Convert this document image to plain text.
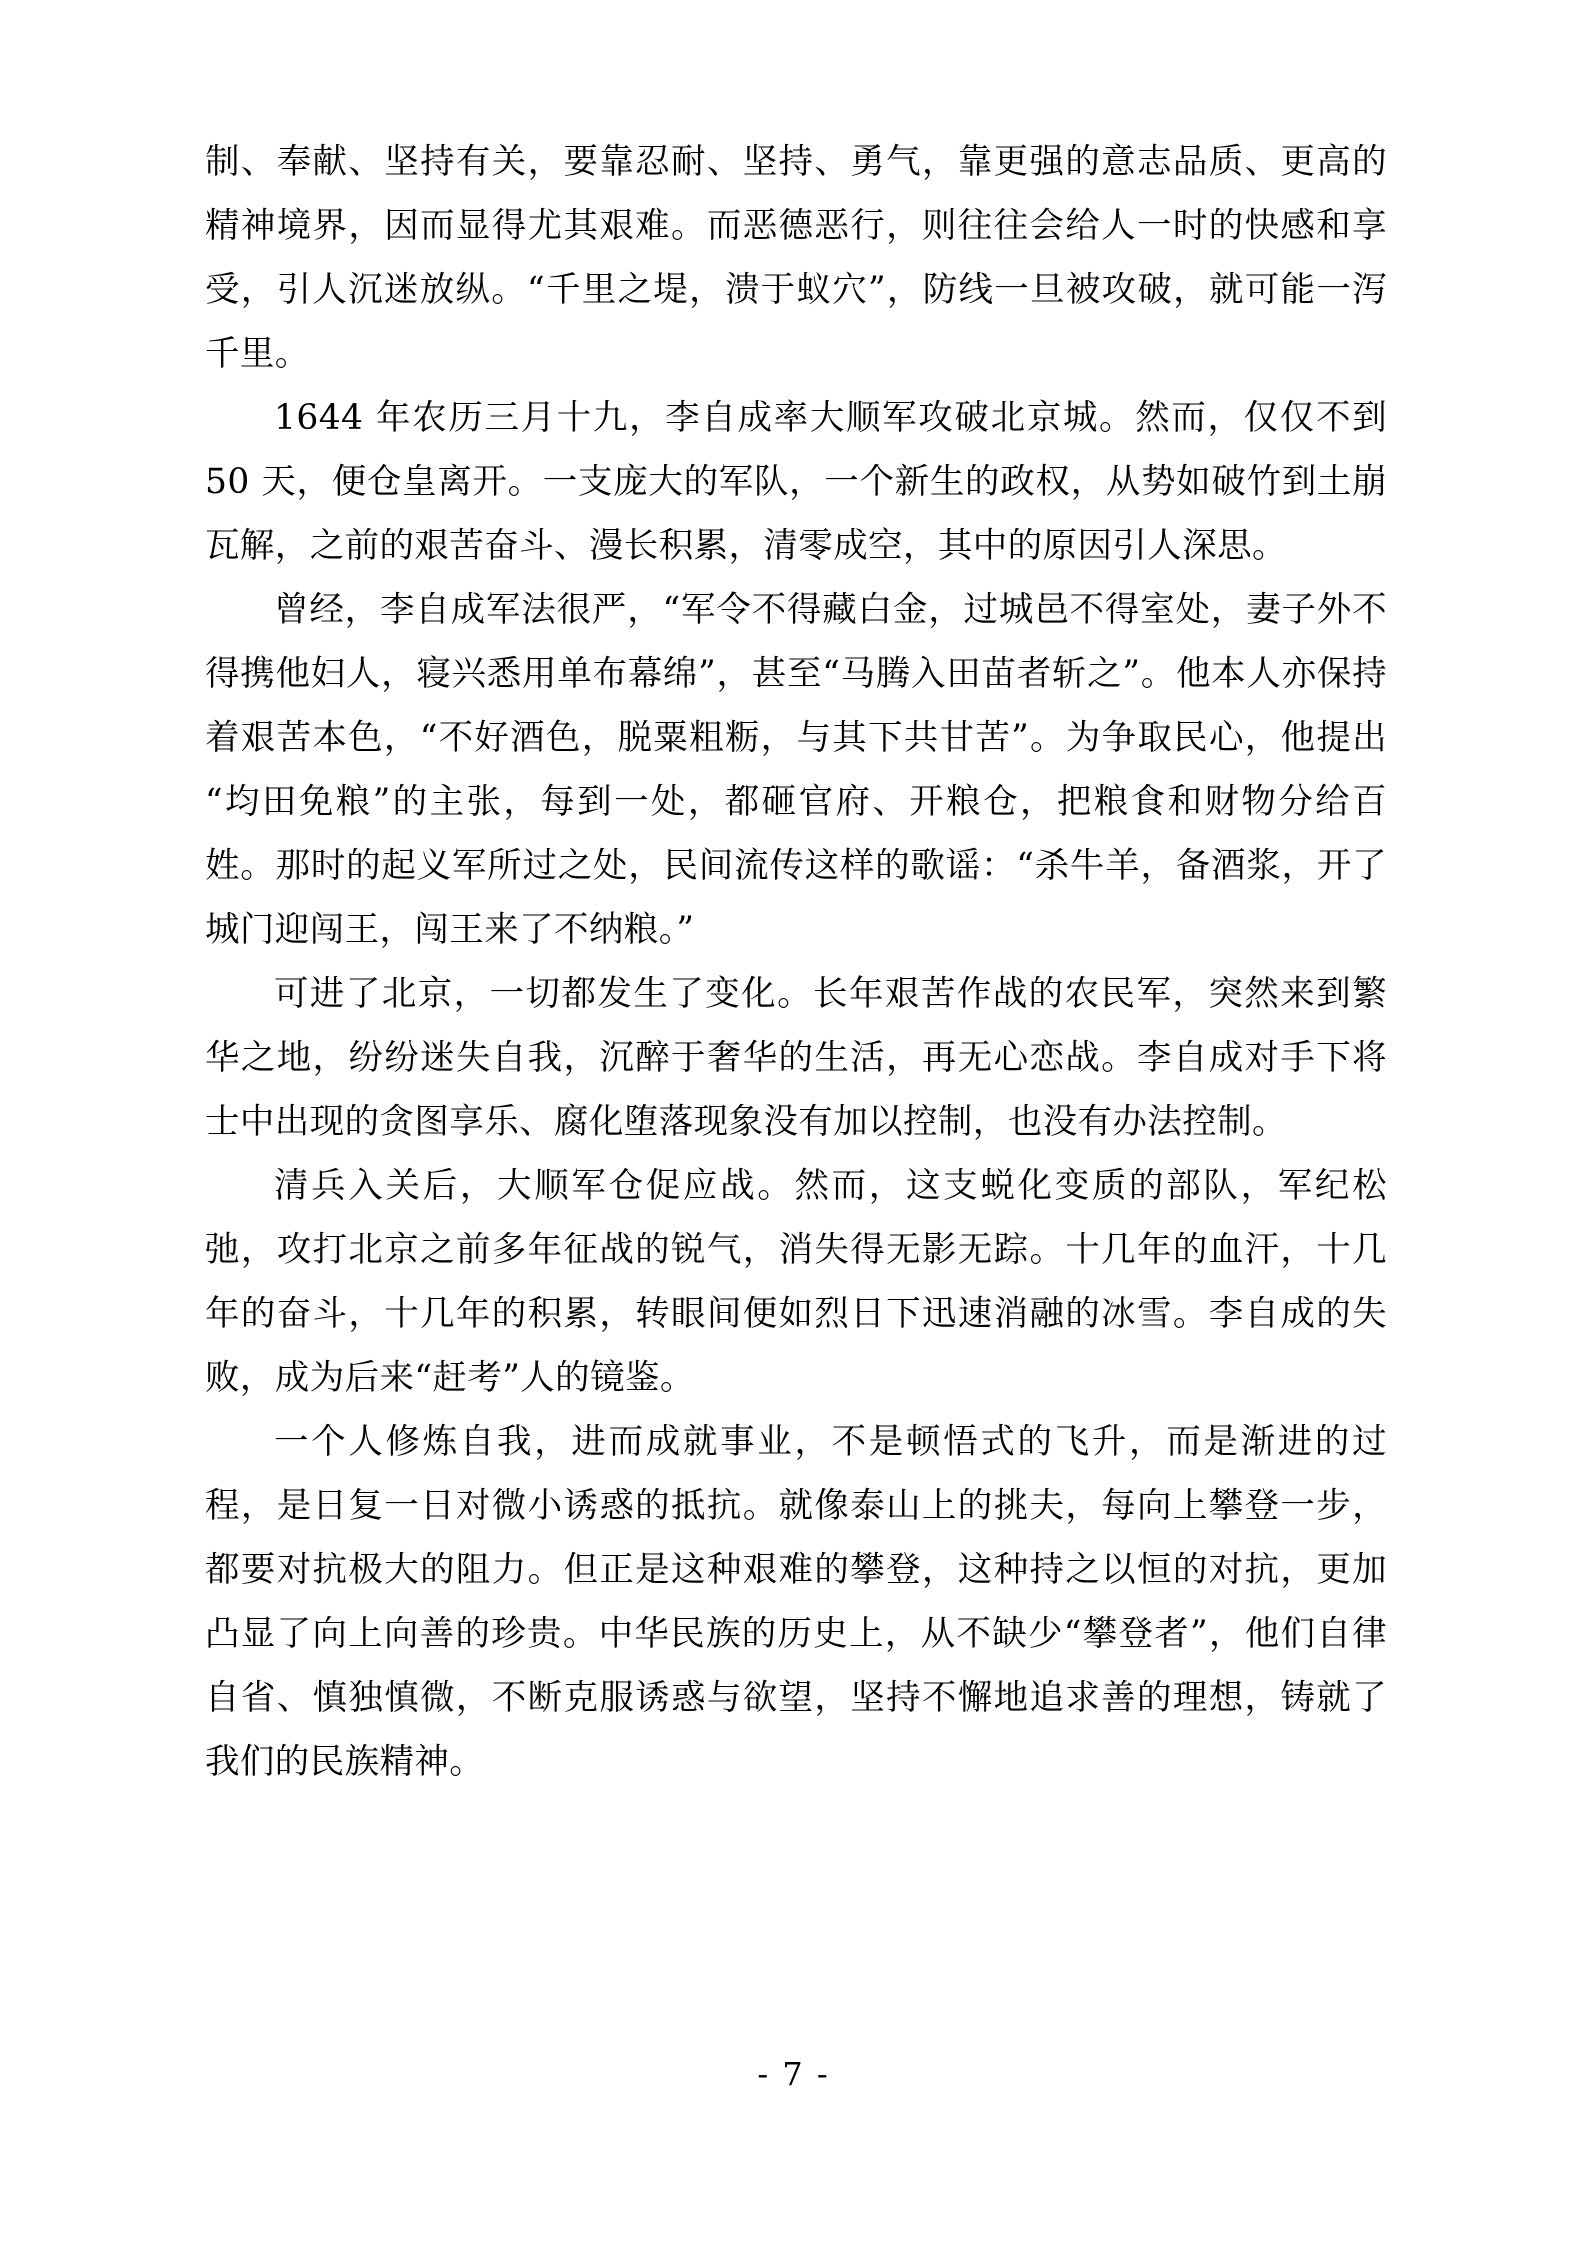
制、奉献、坚持有关，要靠忍耐、坚持、勇气，靠更强的意志品质、更高的精神境界，因而显得尤其艰难。而恶德恶行，则往往会给人一时的快感和享受，引人沉迷放纵。“千里之堤，溃于蚁穴”，防线一旦被攻破，就可能一泻千里。

1644 年农历三月十九，李自成率大顺军攻破北京城。然而，仅仅不到 50 天，便仓皇离开。一支庞大的军队，一个新生的政权，从势如破竹到土崩瓦解，之前的艰苦奋斗、漫长积累，清零成空，其中的原因引人深思。

曾经，李自成军法很严，“军令不得藏白金，过城邑不得室处，妻子外不得携他妇人，寝兴悉用单布幕绵”，甚至“马腾入田苗者斩之”。他本人亦保持着艰苦本色，“不好酒色，脱粟粗粝，与其下共甘苦”。为争取民心，他提出“均田免粮”的主张，每到一处，都砸官府、开粮仓，把粮食和财物分给百姓。那时的起义军所过之处，民间流传这样的歌谣：“杀牛羊，备酒浆，开了城门迎闯王，闯王来了不纳粮。”

可进了北京，一切都发生了变化。长年艰苦作战的农民军，突然来到繁华之地，纷纷迷失自我，沉醉于奢华的生活，再无心恋战。李自成对手下将士中出现的贪图享乐、腐化堕落现象没有加以控制，也没有办法控制。

清兵入关后，大顺军仓促应战。然而，这支蜕化变质的部队，军纪松弛，攻打北京之前多年征战的锐气，消失得无影无踪。十几年的血汗，十几年的奋斗，十几年的积累，转眼间便如烈日下迅速消融的冰雪。李自成的失败，成为后来“赶考”人的镜鉴。

一个人修炼自我，进而成就事业，不是顿悟式的飞升，而是渐进的过程，是日复一日对微小诱惑的抵抗。就像泰山上的挑夫，每向上攀登一步，都要对抗极大的阻力。但正是这种艰难的攀登，这种持之以恒的对抗，更加凸显了向上向善的珍贵。中华民族的历史上，从不缺少“攀登者”，他们自律自省、慎独慎微，不断克服诱惑与欲望，坚持不懈地追求善的理想，铸就了我们的民族精神。

- 7 -
